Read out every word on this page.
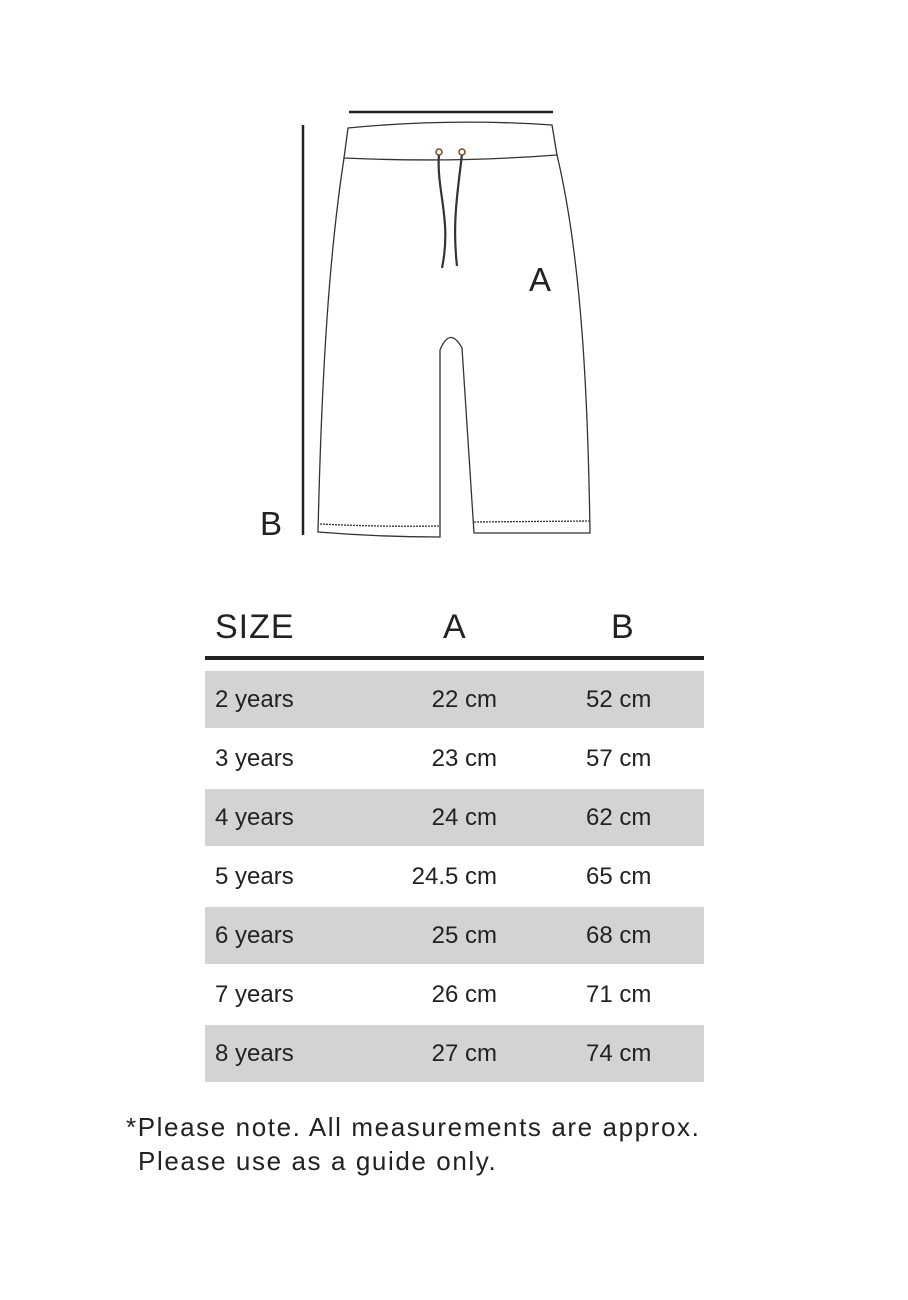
A
B
SIZE	A	B
2 years	22 cm	52 cm
3 years	23 cm	57 cm
4 years	24 cm	62 cm
5 years	24.5 cm	65 cm
6 years	25 cm	68 cm
7 years	26 cm	71 cm
8 years	27 cm	74 cm
*Please note. All measurements are approx.
Please use as a guide only.
